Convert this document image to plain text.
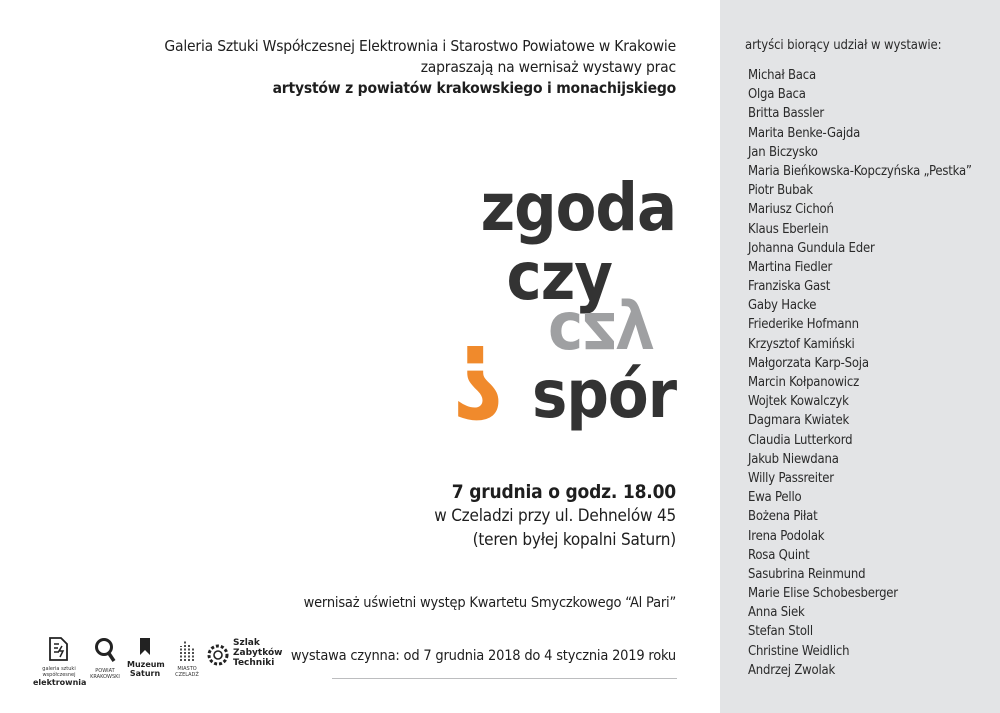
Galeria Sztuki Współczesnej Elektrownia i Starostwo Powiatowe w Krakowie
zapraszają na wernisaż wystawy prac
artystów z powiatów krakowskiego i monachijskiego
zgoda
czy
czy
? spór
7 grudnia o godz. 18.00
w Czeladzi przy ul. Dehnelów 45
(teren byłej kopalni Saturn)
wernisaż uświetni występ Kwartetu Smyczkowego “Al Pari”
wystawa czynna: od 7 grudnia 2018 do 4 stycznia 2019 roku
galeria sztuki współczesnej
elektrownia
POWIAT KRAKOWSKI
Muzeum
Saturn	MIASTO CZELADŹ
Szlak
Zabytków
Techniki
artyści biorący udział w wystawie:
Michał Baca
Olga Baca
Britta Bassler
Marita Benke-Gajda
Jan Biczysko
Maria Bieńkowska-Kopczyńska „Pestka”
Piotr Bubak
Mariusz Cichoń
Klaus Eberlein
Johanna Gundula Eder
Martina Fiedler
Franziska Gast
Gaby Hacke
Friederike Hofmann
Krzysztof Kamiński
Małgorzata Karp-Soja
Marcin Kołpanowicz
Wojtek Kowalczyk
Dagmara Kwiatek
Claudia Lutterkord
Jakub Niewdana
Willy Passreiter
Ewa Pello
Bożena Piłat
Irena Podolak
Rosa Quint
Sasubrina Reinmund
Marie Elise Schobesberger
Anna Siek
Stefan Stoll
Christine Weidlich
Andrzej Zwolak
